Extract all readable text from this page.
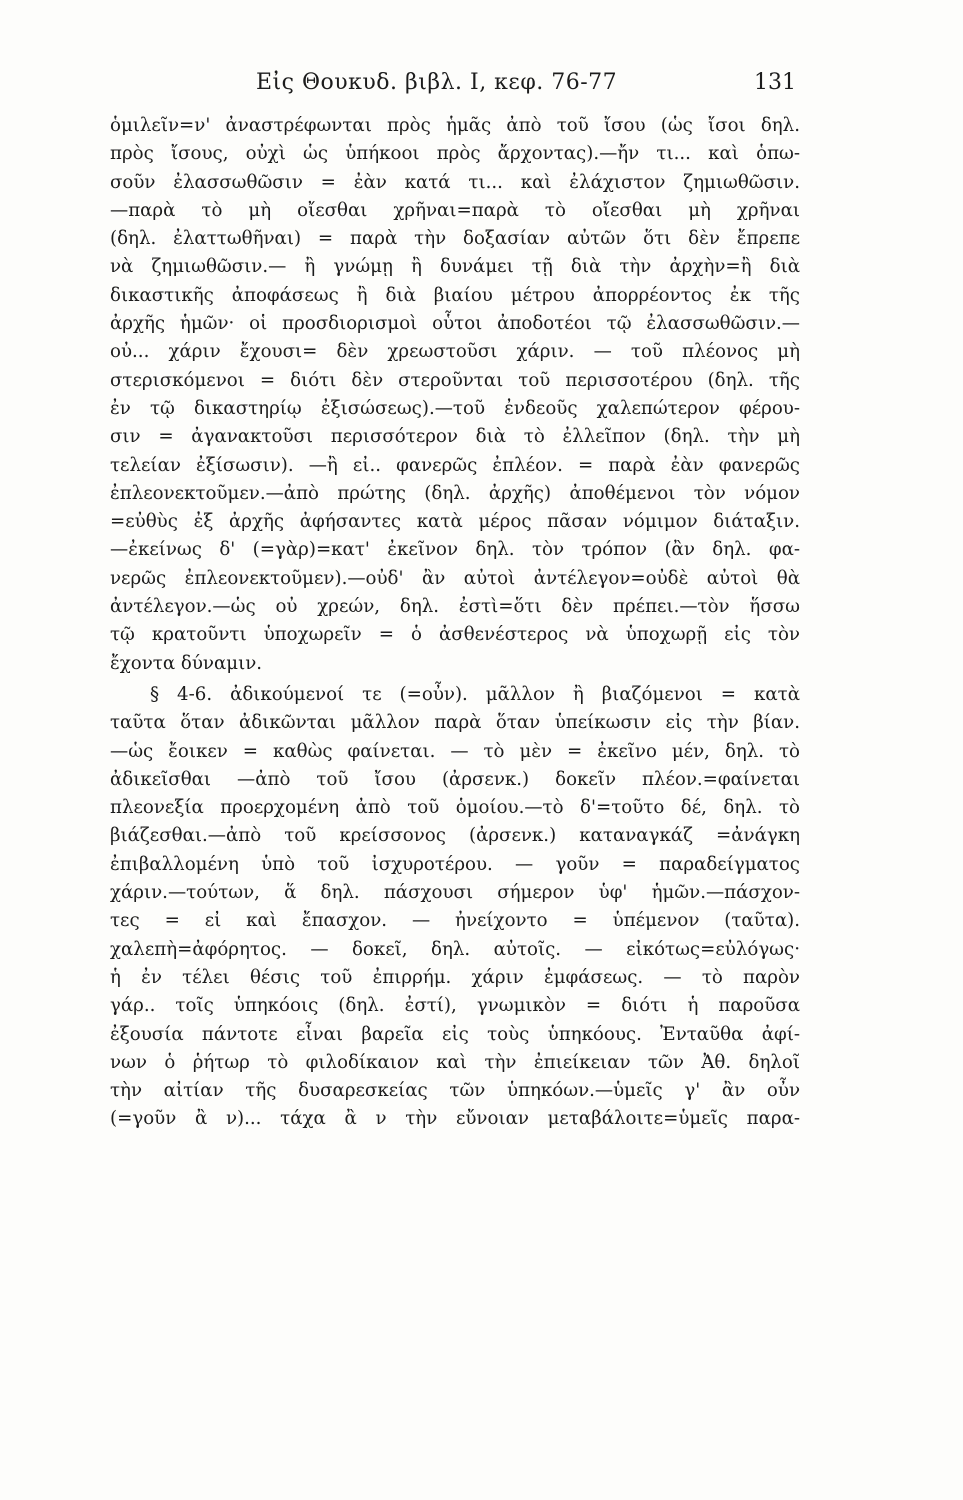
Εἰς Θουκυδ. βιβλ. Ι, κεφ. 76-77	131
ὁμιλεῖν=ν' ἀναστρέφωνται πρὸς ἡμᾶς ἀπὸ τοῦ ἴσου (ὡς ἴσοι δηλ.
πρὸς ἴσους, οὐχὶ ὡς ὑπήκοοι πρὸς ἄρχοντας).—ἤν τι... καὶ ὁπω-
σοῦν ἐλασσωθῶσιν = ἐὰν κατά τι... καὶ ἐλάχιστον ζημιωθῶσιν.
—παρὰ τὸ μὴ οἴεσθαι χρῆναι=παρὰ τὸ οἴεσθαι μὴ χρῆναι
(δηλ. ἐλαττωθῆναι) = παρὰ τὴν δοξασίαν αὐτῶν ὅτι δὲν ἔπρεπε
νὰ ζημιωθῶσιν.— ἢ γνώμῃ ἢ δυνάμει τῇ διὰ τὴν ἀρχὴν=ἢ διὰ
δικαστικῆς ἀποφάσεως ἢ διὰ βιαίου μέτρου ἀπορρέοντος ἐκ τῆς
ἀρχῆς ἡμῶν· οἱ προσδιορισμοὶ οὗτοι ἀποδοτέοι τῷ ἐλασσωθῶσιν.—
οὐ... χάριν ἔχουσι= δὲν χρεωστοῦσι χάριν. — τοῦ πλέονος μὴ
στερισκόμενοι = διότι δὲν στεροῦνται τοῦ περισσοτέρου (δηλ. τῆς
ἐν τῷ δικαστηρίῳ ἐξισώσεως).—τοῦ ἐνδεοῦς χαλεπώτερον φέρου-
σιν = ἀγανακτοῦσι περισσότερον διὰ τὸ ἐλλεῖπον (δηλ. τὴν μὴ
τελείαν ἐξίσωσιν). —ἢ εἰ.. φανερῶς ἐπλέον. = παρὰ ἐὰν φανερῶς
ἐπλεονεκτοῦμεν.—ἀπὸ πρώτης (δηλ. ἀρχῆς) ἀποθέμενοι τὸν νόμον
=εὐθὺς ἐξ ἀρχῆς ἀφήσαντες κατὰ μέρος πᾶσαν νόμιμον διάταξιν.
—ἐκείνως δ' (=γὰρ)=κατ' ἐκεῖνον δηλ. τὸν τρόπον (ἂν δηλ. φα-
νερῶς ἐπλεονεκτοῦμεν).—οὐδ' ἂν αὐτοὶ ἀντέλεγον=οὐδὲ αὐτοὶ θὰ
ἀντέλεγον.—ὡς οὐ χρεών, δηλ. ἐστὶ=ὅτι δὲν πρέπει.—τὸν ἥσσω
τῷ κρατοῦντι ὑποχωρεῖν = ὁ ἀσθενέστερος νὰ ὑποχωρῇ εἰς τὸν
ἔχοντα δύναμιν.
§ 4-6. ἀδικούμενοί τε (=οὖν). μᾶλλον ἢ βιαζόμενοι = κατὰ
ταῦτα ὅταν ἀδικῶνται μᾶλλον παρὰ ὅταν ὑπείκωσιν εἰς τὴν βίαν.
—ὡς ἔοικεν = καθὼς φαίνεται. — τὸ μὲν = ἐκεῖνο μέν, δηλ. τὸ
ἀδικεῖσθαι —ἀπὸ τοῦ ἴσου (ἀρσενκ.) δοκεῖν πλέον.=φαίνεται
πλεονεξία προερχομένη ἀπὸ τοῦ ὁμοίου.—τὸ δ'=τοῦτο δέ, δηλ. τὸ
βιάζεσθαι.—ἀπὸ τοῦ κρείσσονος (ἀρσενκ.) καταναγκάζ =ἀνάγκη
ἐπιβαλλομένη ὑπὸ τοῦ ἰσχυροτέρου. — γοῦν = παραδείγματος
χάριν.—τούτων, ἅ δηλ. πάσχουσι σήμερον ὑφ' ἡμῶν.—πάσχον-
τες = εἰ καὶ ἔπασχον. — ἠνείχοντο = ὑπέμενον (ταῦτα).
χαλεπὴ=ἀφόρητος. — δοκεῖ, δηλ. αὐτοῖς. — εἰκότως=εὐλόγως·
ἡ ἐν τέλει θέσις τοῦ ἐπιρρήμ. χάριν ἐμφάσεως. — τὸ παρὸν
γάρ.. τοῖς ὑπηκόοις (δηλ. ἐστί), γνωμικὸν = διότι ἡ παροῦσα
ἐξουσία πάντοτε εἶναι βαρεῖα εἰς τοὺς ὑπηκόους. Ἐνταῦθα ἀφί-
νων ὁ ῥήτωρ τὸ φιλοδίκαιον καὶ τὴν ἐπιείκειαν τῶν Ἀθ. δηλοῖ
τὴν αἰτίαν τῆς δυσαρεσκείας τῶν ὑπηκόων.—ὑμεῖς γ' ἂν οὖν
(=γοῦν ἂ ν)... τάχα ἂ ν τὴν εὔνοιαν μεταβάλοιτε=ὑμεῖς παρα-
